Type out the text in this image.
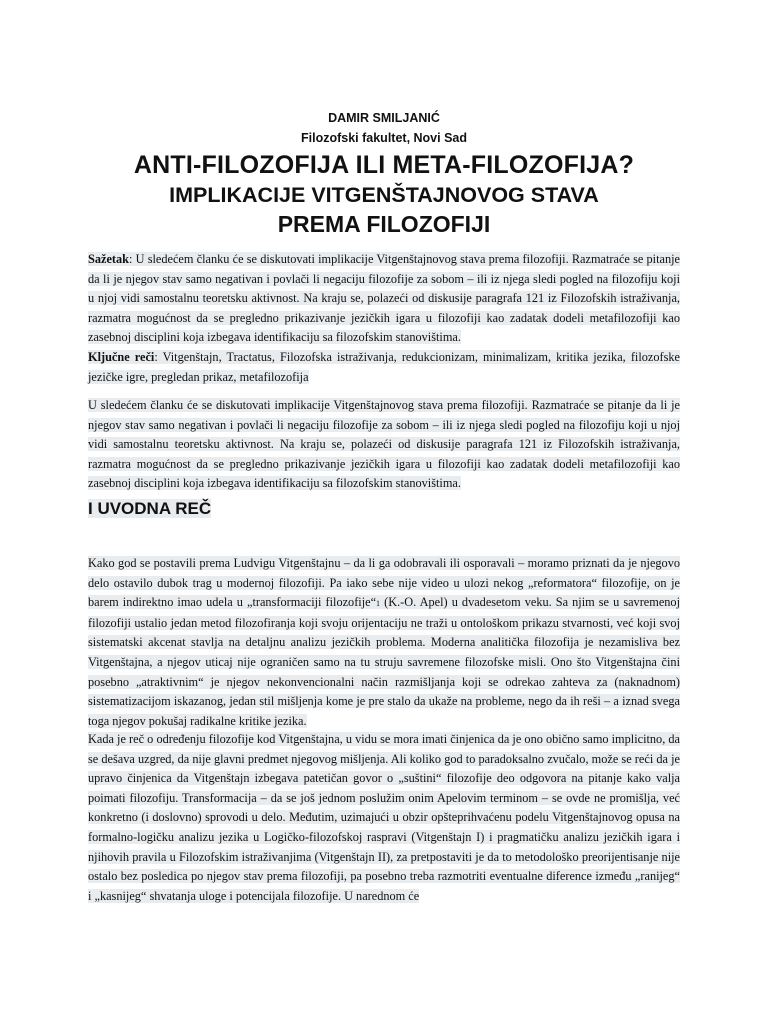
DAMIR SMILJANIĆ
Filozofski fakultet, Novi Sad
ANTI-FILOZOFIJA ILI META-FILOZOFIJA?
IMPLIKACIJE VITGENŠTAJNOVOG STAVA
PREMA FILOZOFIJI

Sažetak: U sledećem članku će se diskutovati implikacije Vitgenštajnovog stava prema filozofiji. Razmatraće se pitanje da li je njegov stav samo negativan i povlači li negaciju filozofije za sobom – ili iz njega sledi pogled na filozofiju koji u njoj vidi samostalnu teoretsku aktivnost. Na kraju se, polazeći od diskusije paragrafa 121 iz Filozofskih istraživanja, razmatra mogućnost da se pregledno prikazivanje jezičkih igara u filozofiji kao zadatak dodeli metafilozofiji kao zasebnoj disciplini koja izbegava identifikaciju sa filozofskim stanovištima.

Ključne reči: Vitgenštajn, Tractatus, Filozofska istraživanja, redukcionizam, minimalizam, kritika jezika, filozofske jezičke igre, pregledan prikaz, metafilozofija

U sledećem članku će se diskutovati implikacije Vitgenštajnovog stava prema filozofiji. Razmatraće se pitanje da li je njegov stav samo negativan i povlači li negaciju filozofije za sobom – ili iz njega sledi pogled na filozofiju koji u njoj vidi samostalnu teoretsku aktivnost. Na kraju se, polazeći od diskusije paragrafa 121 iz Filozofskih istraživanja, razmatra mogućnost da se pregledno prikazivanje jezičkih igara u filozofiji kao zadatak dodeli metafilozofiji kao zasebnoj disciplini koja izbegava identifikaciju sa filozofskim stanovištima.

I UVODNA REČ

Kako god se postavili prema Ludvigu Vitgenštajnu – da li ga odobravali ili osporavali – moramo priznati da je njegovo delo ostavilo dubok trag u modernoj filozofiji. Pa iako sebe nije video u ulozi nekog „reformatora“ filozofije, on je barem indirektno imao udela u „transformaciji filozofije“1 (K.-O. Apel) u dvadesetom veku. Sa njim se u savremenoj filozofiji ustalio jedan metod filozofiranja koji svoju orijentaciju ne traži u ontološkom prikazu stvarnosti, već koji svoj sistematski akcenat stavlja na detaljnu analizu jezičkih problema. Moderna analitička filozofija je nezamisliva bez Vitgenštajna, a njegov uticaj nije ograničen samo na tu struju savremene filozofske misli. Ono što Vitgenštajna čini posebno „atraktivnim“ je njegov nekonvencionalni način razmišljanja koji se odrekao zahteva za (naknadnom) sistematizacijom iskazanog, jedan stil mišljenja kome je pre stalo da ukaže na probleme, nego da ih reši – a iznad svega toga njegov pokušaj radikalne kritike jezika.

Kada je reč o određenju filozofije kod Vitgenštajna, u vidu se mora imati činjenica da je ono obično samo implicitno, da se dešava uzgred, da nije glavni predmet njegovog mišljenja. Ali koliko god to paradoksalno zvučalo, može se reći da je upravo činjenica da Vitgenštajn izbegava patetičan govor o „suštini“ filozofije deo odgovora na pitanje kako valja poimati filozofiju. Transformacija – da se još jednom poslužim onim Apelovim terminom – se ovde ne promišlja, već konkretno (i doslovno) sprovodi u delo. Međutim, uzimajući u obzir opšteprihvaćenu podelu Vitgenštajnovog opusa na formalno-logičku analizu jezika u Logičko-filozofskoj raspravi (Vitgenštajn I) i pragmatičku analizu jezičkih igara i njihovih pravila u Filozofskim istraživanjima (Vitgenštajn II), za pretpostaviti je da to metodološko preorijentisanje nije ostalo bez posledica po njegov stav prema filozofiji, pa posebno treba razmotriti eventualne diference između „ranijeg“ i „kasnijeg“ shvatanja uloge i potencijala filozofije. U narednom će
